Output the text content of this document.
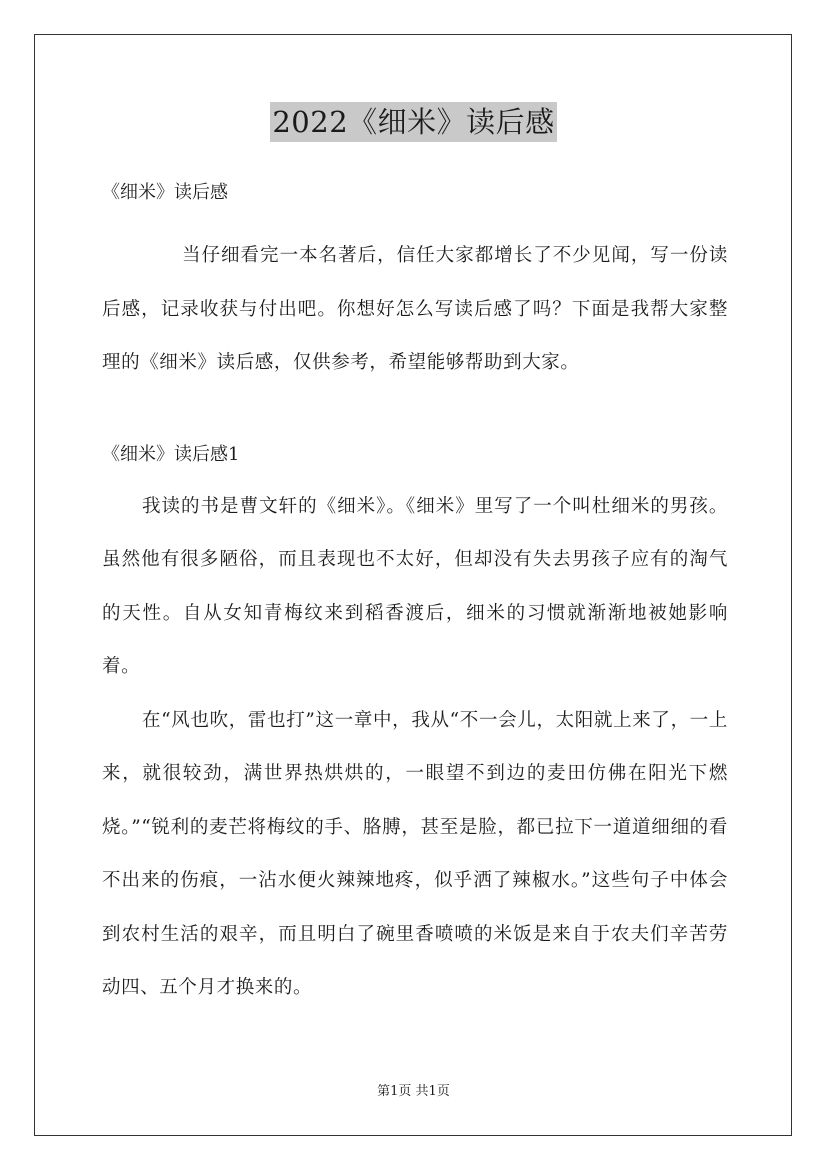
2022《细米》读后感

《细米》读后感

当仔细看完一本名著后，信任大家都增长了不少见闻，写一份读后感，记录收获与付出吧。你想好怎么写读后感了吗？下面是我帮大家整理的《细米》读后感，仅供参考，希望能够帮助到大家。

《细米》读后感1

我读的书是曹文轩的《细米》。《细米》里写了一个叫杜细米的男孩。虽然他有很多陋俗，而且表现也不太好，但却没有失去男孩子应有的淘气的天性。自从女知青梅纹来到稻香渡后，细米的习惯就渐渐地被她影响着。

在“风也吹，雷也打”这一章中，我从“不一会儿，太阳就上来了，一上来，就很较劲，满世界热烘烘的，一眼望不到边的麦田仿佛在阳光下燃烧。”“锐利的麦芒将梅纹的手、胳膊，甚至是脸，都已拉下一道道细细的看不出来的伤痕，一沾水便火辣辣地疼，似乎洒了辣椒水。”这些句子中体会到农村生活的艰辛，而且明白了碗里香喷喷的米饭是来自于农夫们辛苦劳动四、五个月才换来的。

第1页 共1页
